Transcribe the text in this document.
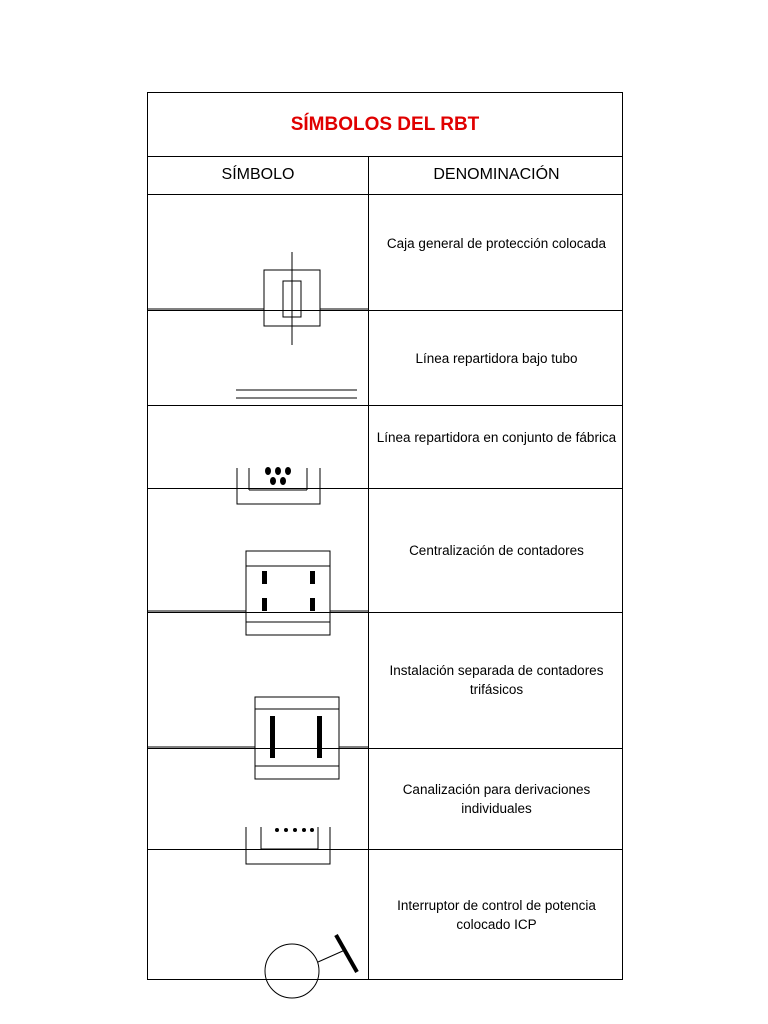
SÍMBOLOS DEL RBT
SÍMBOLO	DENOMINACIÓN
Caja general de protección colocada
Línea repartidora bajo tubo
Línea repartidora en conjunto de fábrica
Centralización de contadores
Instalación separada de contadores trifásicos
Canalización para derivaciones individuales
Interruptor de control de potencia colocado ICP
